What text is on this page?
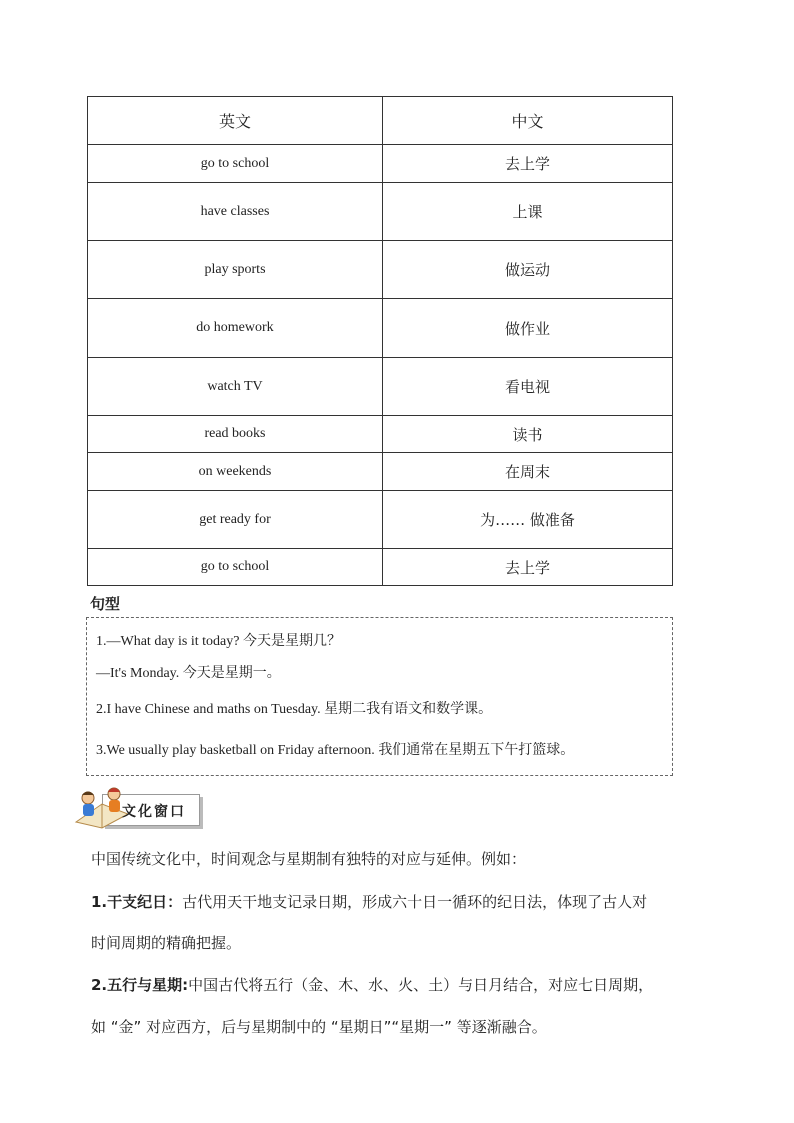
英文	中文
go to school	去上学
have classes	上课
play sports	做运动
do homework	做作业
watch TV	看电视
read books	读书
on weekends	在周末
get ready for	为…… 做准备
go to school	去上学
句型
1.—What day is it today? 今天是星期几？
—It's Monday. 今天是星期一。
2.I have Chinese and maths on Tuesday. 星期二我有语文和数学课。
3.We usually play basketball on Friday afternoon. 我们通常在星期五下午打篮球。
文化窗口
中国传统文化中，时间观念与星期制有独特的对应与延伸。例如：
1.干支纪日：古代用天干地支记录日期，形成六十日一循环的纪日法，体现了古人对
时间周期的精确把握。
2.五行与星期:中国古代将五行（金、木、水、火、土）与日月结合，对应七日周期，
如 “金” 对应西方，后与星期制中的 “星期日”“星期一” 等逐渐融合。
